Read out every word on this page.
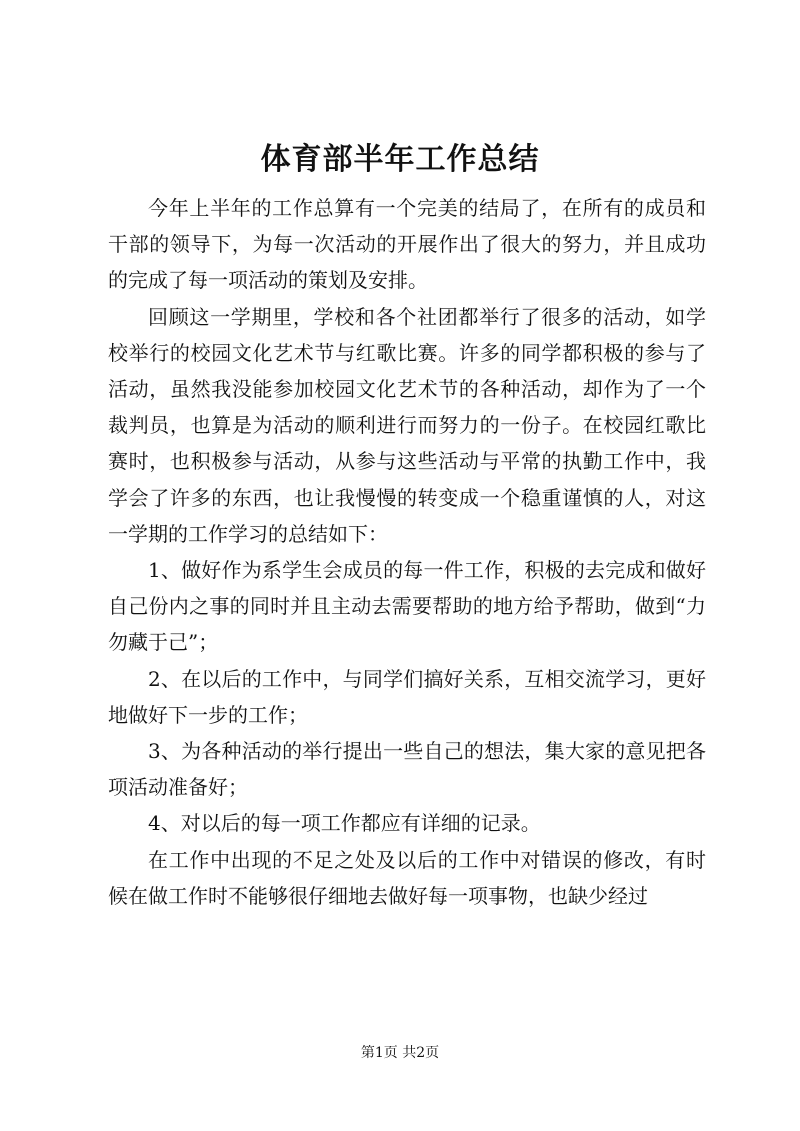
体育部半年工作总结

今年上半年的工作总算有一个完美的结局了，在所有的成员和干部的领导下，为每一次活动的开展作出了很大的努力，并且成功的完成了每一项活动的策划及安排。

回顾这一学期里，学校和各个社团都举行了很多的活动，如学校举行的校园文化艺术节与红歌比赛。许多的同学都积极的参与了活动，虽然我没能参加校园文化艺术节的各种活动，却作为了一个裁判员，也算是为活动的顺利进行而努力的一份子。在校园红歌比赛时，也积极参与活动，从参与这些活动与平常的执勤工作中，我学会了许多的东西，也让我慢慢的转变成一个稳重谨慎的人，对这一学期的工作学习的总结如下：

1、做好作为系学生会成员的每一件工作，积极的去完成和做好自己份内之事的同时并且主动去需要帮助的地方给予帮助，做到“力勿藏于己”；

2、在以后的工作中，与同学们搞好关系，互相交流学习，更好地做好下一步的工作；

3、为各种活动的举行提出一些自己的想法，集大家的意见把各项活动准备好；

4、对以后的每一项工作都应有详细的记录。

在工作中出现的不足之处及以后的工作中对错误的修改，有时候在做工作时不能够很仔细地去做好每一项事物，也缺少经过

第1页 共2页
